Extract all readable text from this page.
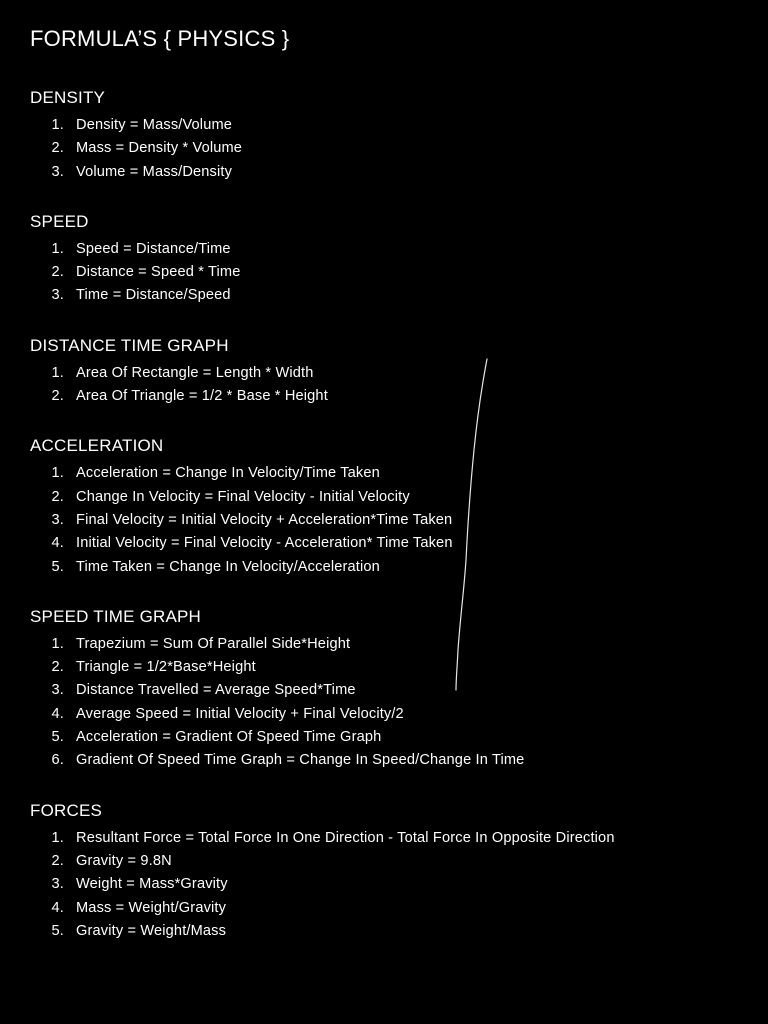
FORMULA’S { PHYSICS }
DENSITY
1. Density = Mass/Volume
2. Mass = Density * Volume
3. Volume = Mass/Density
SPEED
1. Speed = Distance/Time
2. Distance = Speed * Time
3. Time = Distance/Speed
DISTANCE TIME GRAPH
1. Area Of Rectangle = Length * Width
2. Area Of Triangle = 1/2 * Base * Height
ACCELERATION
1. Acceleration = Change In Velocity/Time Taken
2. Change In Velocity = Final Velocity - Initial Velocity
3. Final Velocity = Initial Velocity + Acceleration*Time Taken
4. Initial Velocity = Final Velocity - Acceleration* Time Taken
5. Time Taken = Change In Velocity/Acceleration
SPEED TIME GRAPH
1. Trapezium = Sum Of Parallel Side*Height
2. Triangle = 1/2*Base*Height
3. Distance Travelled = Average Speed*Time
4. Average Speed = Initial Velocity + Final Velocity/2
5. Acceleration = Gradient Of Speed Time Graph
6. Gradient Of Speed Time Graph = Change In Speed/Change In Time
FORCES
1. Resultant Force = Total Force In One Direction - Total Force In Opposite Direction
2. Gravity = 9.8N
3. Weight = Mass*Gravity
4. Mass = Weight/Gravity
5. Gravity = Weight/Mass
